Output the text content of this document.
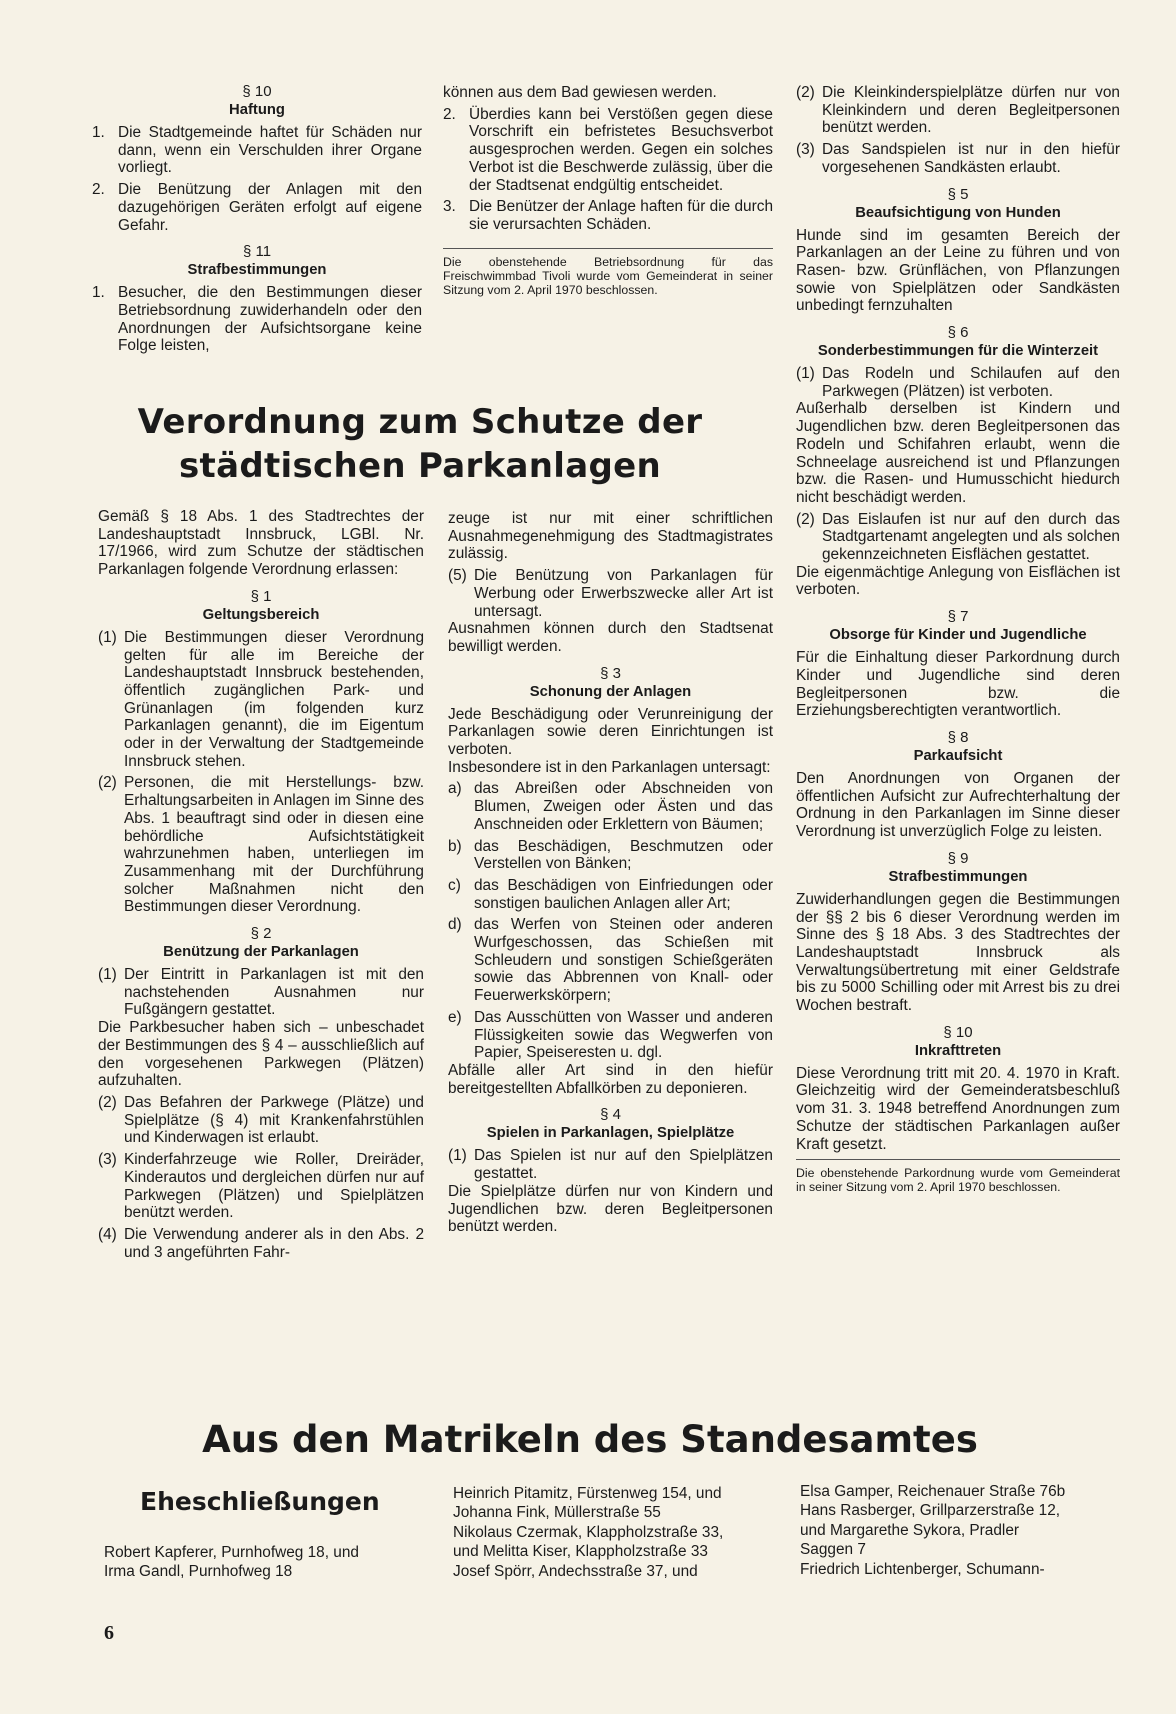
§ 10
Haftung
1. Die Stadtgemeinde haftet für Schäden nur dann, wenn ein Verschulden ihrer Organe vorliegt.
2. Die Benützung der Anlagen mit den dazugehörigen Geräten erfolgt auf eigene Gefahr.
§ 11
Strafbestimmungen
1. Besucher, die den Bestimmungen dieser Betriebsordnung zuwiderhandeln oder den Anordnungen der Aufsichtsorgane keine Folge leisten,

können aus dem Bad gewiesen werden.

2. Überdies kann bei Verstößen gegen diese Vorschrift ein befristetes Besuchsverbot ausgesprochen werden. Gegen ein solches Verbot ist die Beschwerde zulässig, über die der Stadtsenat endgültig entscheidet.
3. Die Benützer der Anlage haften für die durch sie verursachten Schäden.

Die obenstehende Betriebsordnung für das Freischwimmbad Tivoli wurde vom Gemeinderat in seiner Sitzung vom 2. April 1970 beschlossen.

Verordnung zum Schutze der
städtischen Parkanlagen

Gemäß § 18 Abs. 1 des Stadtrechtes der Landeshauptstadt Innsbruck, LGBl. Nr. 17/1966, wird zum Schutze der städtischen Parkanlagen folgende Verordnung erlassen:

§ 1
Geltungsbereich
(1) Die Bestimmungen dieser Verordnung gelten für alle im Bereiche der Landeshauptstadt Innsbruck bestehenden, öffentlich zugänglichen Park- und Grünanlagen (im folgenden kurz Parkanlagen genannt), die im Eigentum oder in der Verwaltung der Stadtgemeinde Innsbruck stehen.
(2) Personen, die mit Herstellungs- bzw. Erhaltungsarbeiten in Anlagen im Sinne des Abs. 1 beauftragt sind oder in diesen eine behördliche Aufsichtstätigkeit wahrzunehmen haben, unterliegen im Zusammenhang mit der Durchführung solcher Maßnahmen nicht den Bestimmungen dieser Verordnung.
§ 2
Benützung der Parkanlagen
(1) Der Eintritt in Parkanlagen ist mit den nachstehenden Ausnahmen nur Fußgängern gestattet.

Die Parkbesucher haben sich – unbeschadet der Bestimmungen des § 4 – ausschließlich auf den vorgesehenen Parkwegen (Plätzen) aufzuhalten.

(2) Das Befahren der Parkwege (Plätze) und Spielplätze (§ 4) mit Krankenfahrstühlen und Kinderwagen ist erlaubt.
(3) Kinderfahrzeuge wie Roller, Dreiräder, Kinderautos und dergleichen dürfen nur auf Parkwegen (Plätzen) und Spielplätzen benützt werden.
(4) Die Verwendung anderer als in den Abs. 2 und 3 angeführten Fahr-

zeuge ist nur mit einer schriftlichen Ausnahmegenehmigung des Stadtmagistrates zulässig.

(5) Die Benützung von Parkanlagen für Werbung oder Erwerbszwecke aller Art ist untersagt.

Ausnahmen können durch den Stadtsenat bewilligt werden.

§ 3
Schonung der Anlagen

Jede Beschädigung oder Verunreinigung der Parkanlagen sowie deren Einrichtungen ist verboten.

Insbesondere ist in den Parkanlagen untersagt:

a) das Abreißen oder Abschneiden von Blumen, Zweigen oder Ästen und das Anschneiden oder Erklettern von Bäumen;
b) das Beschädigen, Beschmutzen oder Verstellen von Bänken;
c) das Beschädigen von Einfriedungen oder sonstigen baulichen Anlagen aller Art;
d) das Werfen von Steinen oder anderen Wurfgeschossen, das Schießen mit Schleudern und sonstigen Schießgeräten sowie das Abbrennen von Knall- oder Feuerwerkskörpern;
e) Das Ausschütten von Wasser und anderen Flüssigkeiten sowie das Wegwerfen von Papier, Speiseresten u. dgl.

Abfälle aller Art sind in den hiefür bereitgestellten Abfallkörben zu deponieren.

§ 4
Spielen in Parkanlagen, Spielplätze
(1) Das Spielen ist nur auf den Spielplätzen gestattet.

Die Spielplätze dürfen nur von Kindern und Jugendlichen bzw. deren Begleitpersonen benützt werden.

(2) Die Kleinkinderspielplätze dürfen nur von Kleinkindern und deren Begleitpersonen benützt werden.
(3) Das Sandspielen ist nur in den hiefür vorgesehenen Sandkästen erlaubt.
§ 5
Beaufsichtigung von Hunden

Hunde sind im gesamten Bereich der Parkanlagen an der Leine zu führen und von Rasen- bzw. Grünflächen, von Pflanzungen sowie von Spielplätzen oder Sandkästen unbedingt fernzuhalten

§ 6
Sonderbestimmungen für die Winterzeit
(1) Das Rodeln und Schilaufen auf den Parkwegen (Plätzen) ist verboten.

Außerhalb derselben ist Kindern und Jugendlichen bzw. deren Begleitpersonen das Rodeln und Schifahren erlaubt, wenn die Schneelage ausreichend ist und Pflanzungen bzw. die Rasen- und Humusschicht hiedurch nicht beschädigt werden.

(2) Das Eislaufen ist nur auf den durch das Stadtgartenamt angelegten und als solchen gekennzeichneten Eisflächen gestattet.

Die eigenmächtige Anlegung von Eisflächen ist verboten.

§ 7
Obsorge für Kinder und Jugendliche

Für die Einhaltung dieser Parkordnung durch Kinder und Jugendliche sind deren Begleitpersonen bzw. die Erziehungsberechtigten verantwortlich.

§ 8
Parkaufsicht

Den Anordnungen von Organen der öffentlichen Aufsicht zur Aufrechterhaltung der Ordnung in den Parkanlagen im Sinne dieser Verordnung ist unverzüglich Folge zu leisten.

§ 9
Strafbestimmungen

Zuwiderhandlungen gegen die Bestimmungen der §§ 2 bis 6 dieser Verordnung werden im Sinne des § 18 Abs. 3 des Stadtrechtes der Landeshauptstadt Innsbruck als Verwaltungsübertretung mit einer Geldstrafe bis zu 5000 Schilling oder mit Arrest bis zu drei Wochen bestraft.

§ 10
Inkrafttreten

Diese Verordnung tritt mit 20. 4. 1970 in Kraft. Gleichzeitig wird der Gemeinderatsbeschluß vom 31. 3. 1948 betreffend Anordnungen zum Schutze der städtischen Parkanlagen außer Kraft gesetzt.

Die obenstehende Parkordnung wurde vom Gemeinderat in seiner Sitzung vom 2. April 1970 beschlossen.

Aus den Matrikeln des Standesamtes
Eheschließungen
Robert Kapferer, Purnhofweg 18, und
Irma Gandl, Purnhofweg 18
Heinrich Pitamitz, Fürstenweg 154, und
Johanna Fink, Müllerstraße 55
Nikolaus Czermak, Klappholzstraße 33,
und Melitta Kiser, Klappholzstraße 33
Josef Spörr, Andechsstraße 37, und
Elsa Gamper, Reichenauer Straße 76b
Hans Rasberger, Grillparzerstraße 12,
und Margarethe Sykora, Pradler
Saggen 7
Friedrich Lichtenberger, Schumann-
6
